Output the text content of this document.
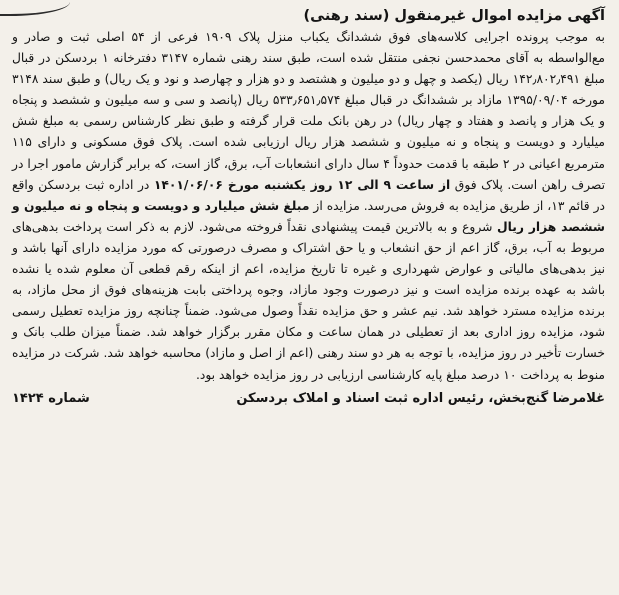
آگهی مزایده اموال غیرمنقول (سند رهنی)

به موجب پرونده اجرایی کلاسه‌های فوق ششدانگ یکباب منزل پلاک ۱۹۰۹ فرعی از ۵۴ اصلی ثبت و صادر و مع‌الواسطه به آقای محمدحسن نجفی منتقل شده است، طبق سند رهنی شماره ۳۱۴۷ دفترخانه ۱ بردسکن در قبال مبلغ ۱۴۲٫۸۰۲٫۴۹۱ ریال (یکصد و چهل و دو میلیون و هشتصد و دو هزار و چهارصد و نود و یک ریال) و طبق سند ۳۱۴۸ مورخه ۱۳۹۵/۰۹/۰۴ مازاد بر ششدانگ در قبال مبلغ ۵۳۳٫۶۵۱٫۵۷۴ ریال (پانصد و سی و سه میلیون و ششصد و پنجاه و یک هزار و پانصد و هفتاد و چهار ریال) در رهن بانک ملت قرار گرفته و طبق نظر کارشناس رسمی به مبلغ شش میلیارد و دویست و پنجاه و نه میلیون و ششصد هزار ریال ارزیابی شده است. پلاک فوق مسکونی و دارای ۱۱۵ مترمربع اعیانی در ۲ طبقه با قدمت حدوداً ۴ سال دارای انشعابات آب، برق، گاز است، که برابر گزارش مامور اجرا در تصرف راهن است. پلاک فوق از ساعت ۹ الی ۱۲ روز یکشنبه مورخ ۱۴۰۱/۰۶/۰۶ در اداره ثبت بردسکن واقع در قائم ۱۳، از طریق مزایده به فروش می‌رسد. مزایده از مبلغ شش میلیارد و دویست و پنجاه و نه میلیون و ششصد هزار ریال شروع و به بالاترین قیمت پیشنهادی نقداً فروخته می‌شود. لازم به ذکر است پرداخت بدهی‌های مربوط به آب، برق، گاز اعم از حق انشعاب و یا حق اشتراک و مصرف درصورتی که مورد مزایده دارای آنها باشد و نیز بدهی‌های مالیاتی و عوارض شهرداری و غیره تا تاریخ مزایده، اعم از اینکه رقم قطعی آن معلوم شده یا نشده باشد به عهده برنده مزایده است و نیز درصورت وجود مازاد، وجوه پرداختی بابت هزینه‌های فوق از محل مازاد، به برنده مزایده مسترد خواهد شد. نیم عشر و حق مزایده نقداً وصول می‌شود. ضمناً چنانچه روز مزایده تعطیل رسمی شود، مزایده روز اداری بعد از تعطیلی در همان ساعت و مکان مقرر برگزار خواهد شد. ضمناً میزان طلب بانک و خسارت تأخیر در روز مزایده، با توجه به هر دو سند رهنی (اعم از اصل و مازاد) محاسبه خواهد شد. شرکت در مزایده منوط به پرداخت ۱۰ درصد مبلغ پایه کارشناسی ارزیابی در روز مزایده خواهد بود.

غلامرضا گنج‌بخش، رئیس اداره ثبت اسناد و املاک بردسکن
شماره ۱۴۲۴
